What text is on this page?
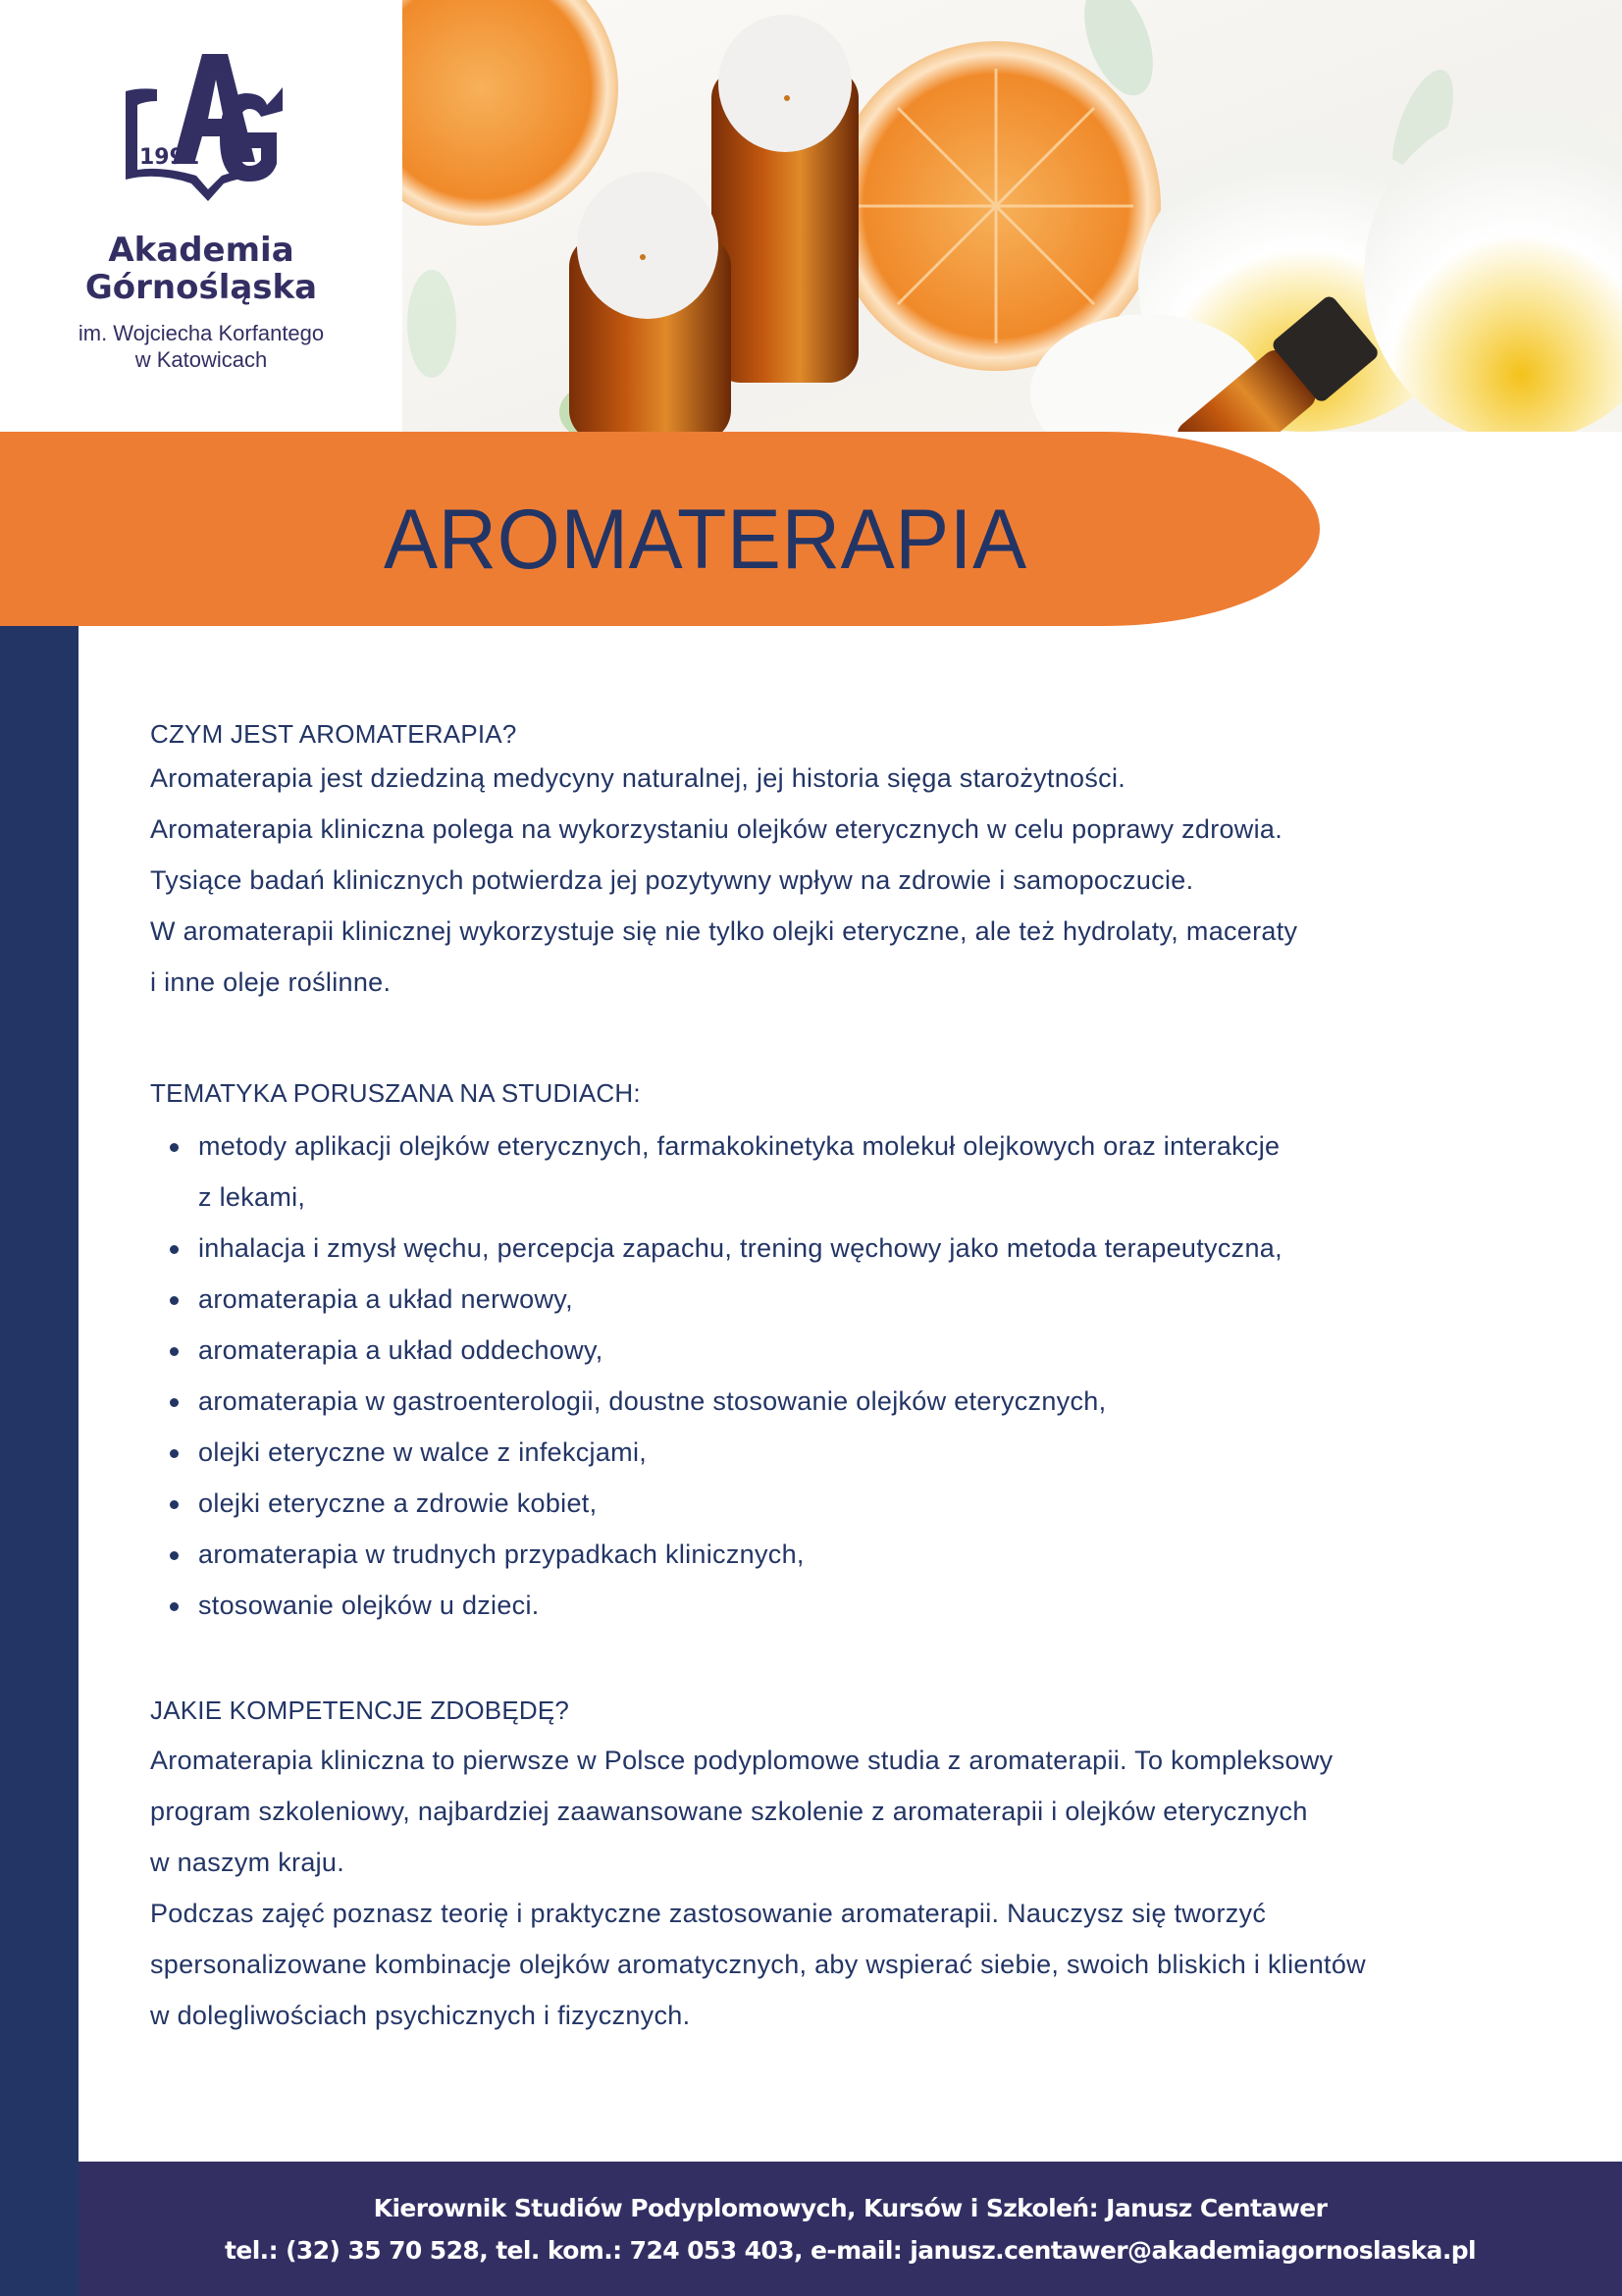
1991
Akademia
Górnośląska
im. Wojciecha Korfantego
w Katowicach
AROMATERAPIA
CZYM JEST AROMATERAPIA?
Aromaterapia jest dziedziną medycyny naturalnej, jej historia sięga starożytności.
Aromaterapia kliniczna polega na wykorzystaniu olejków eterycznych w celu poprawy zdrowia.
Tysiące badań klinicznych potwierdza jej pozytywny wpływ na zdrowie i samopoczucie.
W aromaterapii klinicznej wykorzystuje się nie tylko olejki eteryczne, ale też hydrolaty, maceraty
i inne oleje roślinne.
TEMATYKA PORUSZANA NA STUDIACH:
metody aplikacji olejków eterycznych, farmakokinetyka molekuł olejkowych oraz interakcje
z lekami,
inhalacja i zmysł węchu, percepcja zapachu, trening węchowy jako metoda terapeutyczna,
aromaterapia a układ nerwowy,
aromaterapia a układ oddechowy,
aromaterapia w gastroenterologii, doustne stosowanie olejków eterycznych,
olejki eteryczne w walce z infekcjami,
olejki eteryczne a zdrowie kobiet,
aromaterapia w trudnych przypadkach klinicznych,
stosowanie olejków u dzieci.
JAKIE KOMPETENCJE ZDOBĘDĘ?
Aromaterapia kliniczna to pierwsze w Polsce podyplomowe studia z aromaterapii. To kompleksowy
program szkoleniowy, najbardziej zaawansowane szkolenie z aromaterapii i olejków eterycznych
w naszym kraju.
Podczas zajęć poznasz teorię i praktyczne zastosowanie aromaterapii. Nauczysz się tworzyć
spersonalizowane kombinacje olejków aromatycznych, aby wspierać siebie, swoich bliskich i klientów
w dolegliwościach psychicznych i fizycznych.
Kierownik Studiów Podyplomowych, Kursów i Szkoleń: Janusz Centawer
tel.: (32) 35 70 528, tel. kom.: 724 053 403, e-mail: janusz.centawer@akademiagornoslaska.pl
